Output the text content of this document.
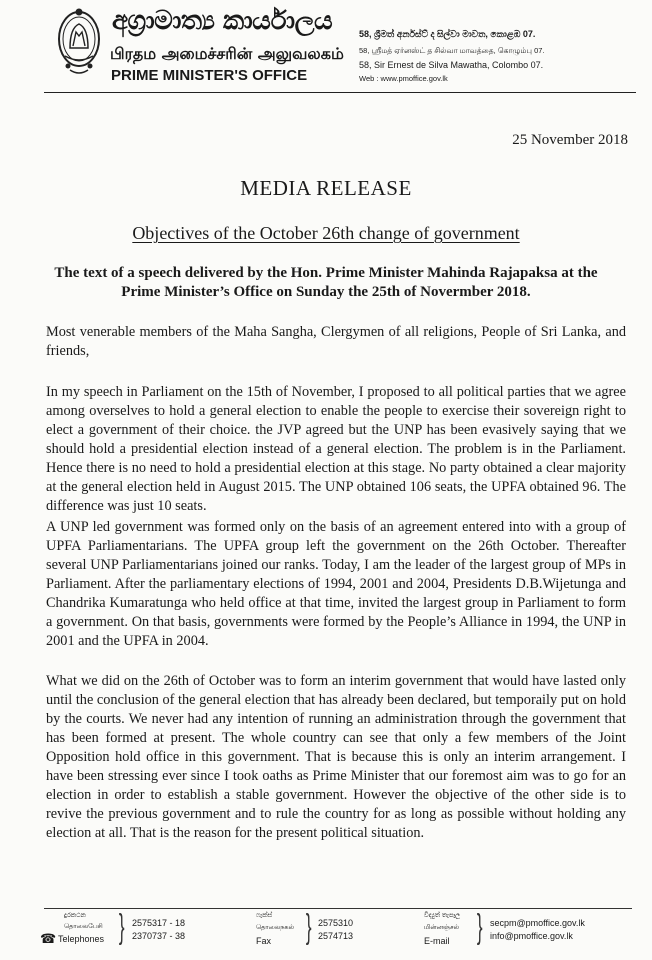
අග්‍රාමාත්‍ය කාර්යාලය
பிரதம அமைச்சரின் அலுவலகம்
PRIME MINISTER'S OFFICE
58, ශ්‍රීමත් අර්නස්ට් ද සිල්වා මාවත, කොළඹ 07.
58, ஸ்ரீமத் ஏர்னஸ்ட் த சில்வா மாவத்தை, கொழும்பு 07.
58, Sir Ernest de Silva Mawatha, Colombo 07.
Web : www.pmoffice.gov.lk
25 November 2018
MEDIA RELEASE
Objectives of the October 26th change of government
The text of a speech delivered by the Hon. Prime Minister Mahinda Rajapaksa at the Prime Minister’s Office on Sunday the 25th of Novermber 2018.
Most venerable members of the Maha Sangha, Clergymen of all religions, People of Sri Lanka, and friends,
In my speech in Parliament on the 15th of November, I proposed to all political parties that we agree among overselves to hold a general election to enable the people to exercise their sovereign right to elect a government of their choice. the JVP agreed but the UNP has been evasively saying that we should hold a presidential election instead of a general election. The problem is in the Parliament. Hence there is no need to hold a presidential election at this stage. No party obtained a clear majority at the general election held in August 2015. The UNP obtained 106 seats, the UPFA obtained 96. The difference was just 10 seats.
A UNP led government was formed only on the basis of an agreement entered into with a group of UPFA Parliamentarians. The UPFA group left the government on the 26th October. Thereafter several UNP Parliamentarians joined our ranks. Today, I am the leader of the largest group of MPs in Parliament. After the parliamentary elections of 1994, 2001 and 2004, Presidents D.B.Wijetunga and Chandrika Kumaratunga who held office at that time, invited the largest group in Parliament to form a government. On that basis, governments were formed by the People’s Alliance in 1994, the UNP in 2001 and the UPFA in 2004.
What we did on the 26th of October was to form an interim government that would have lasted only until the conclusion of the general election that has already been declared, but temporaily put on hold by the courts. We never had any intention of running an administration through the government that has been formed at present. The whole country can see that only a few members of the Joint Opposition hold office in this government. That is because this is only an interim arrangement. I have been stressing ever since I took oaths as Prime Minister that our foremost aim was to go for an election in order to establish a stable government. However the objective of the other side is to revive the previous government and to rule the country for as long as possible without holding any election at all. That is the reason for the present political situation.
දුරකථන
தொலைபேசி
☎ Telephones } 2575317 - 18
2370737 - 38
ෆැක්ස්
தொலைநகல்
Fax } 2575310
2574713
විද්‍යුත් තැපෑල
மின்னஞ்சல்
E-mail } secpm@pmoffice.gov.lk
info@pmoffice.gov.lk
